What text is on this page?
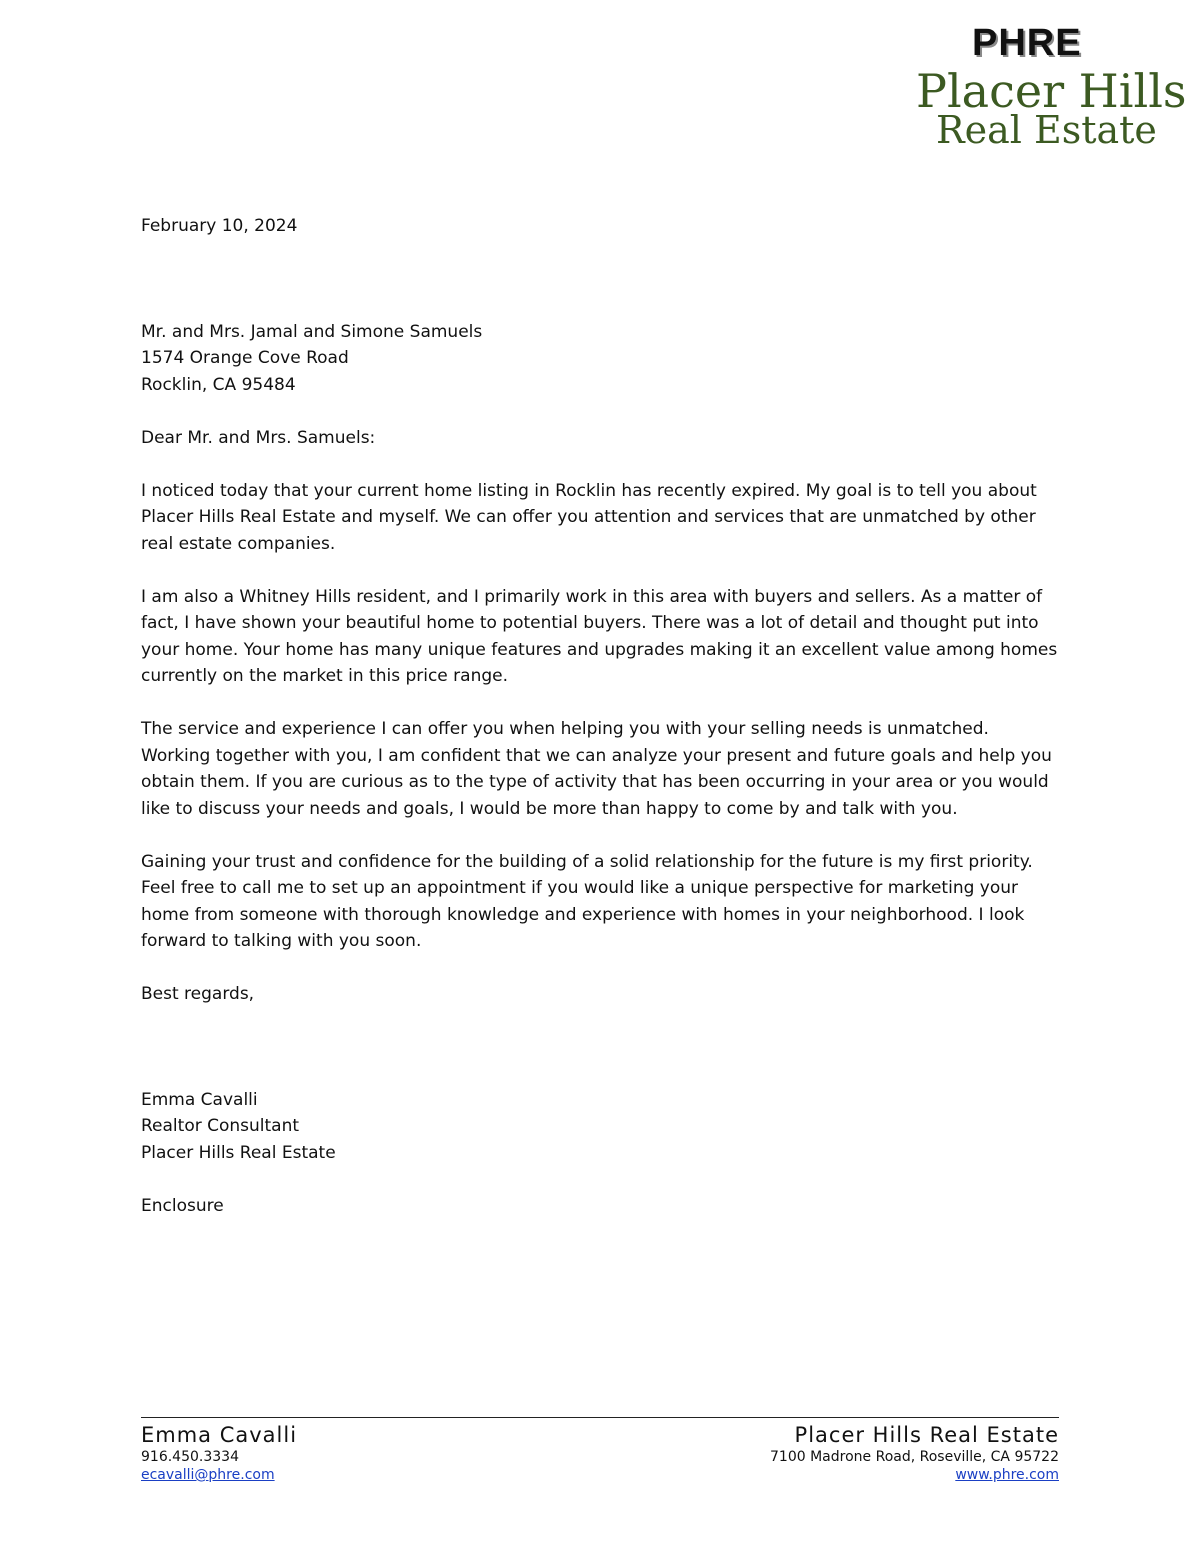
PHRE
Placer Hills
Real Estate

February 10, 2024

Mr. and Mrs. Jamal and Simone Samuels

1574 Orange Cove Road

Rocklin, CA 95484

Dear Mr. and Mrs. Samuels:

I noticed today that your current home listing in Rocklin has recently expired. My goal is to tell you about Placer Hills Real Estate and myself. We can offer you attention and services that are unmatched by other real estate companies.

I am also a Whitney Hills resident, and I primarily work in this area with buyers and sellers. As a matter of fact, I have shown your beautiful home to potential buyers. There was a lot of detail and thought put into your home. Your home has many unique features and upgrades making it an excellent value among homes currently on the market in this price range.

The service and experience I can offer you when helping you with your selling needs is unmatched. Working together with you, I am confident that we can analyze your present and future goals and help you obtain them. If you are curious as to the type of activity that has been occurring in your area or you would like to discuss your needs and goals, I would be more than happy to come by and talk with you.

Gaining your trust and confidence for the building of a solid relationship for the future is my first priority. Feel free to call me to set up an appointment if you would like a unique perspective for marketing your home from someone with thorough knowledge and experience with homes in your neighborhood. I look forward to talking with you soon.

Best regards,

Emma Cavalli

Realtor Consultant

Placer Hills Real Estate

Enclosure

Emma Cavalli
916.450.3334
ecavalli@phre.com
Placer Hills Real Estate
7100 Madrone Road, Roseville, CA 95722
www.phre.com
